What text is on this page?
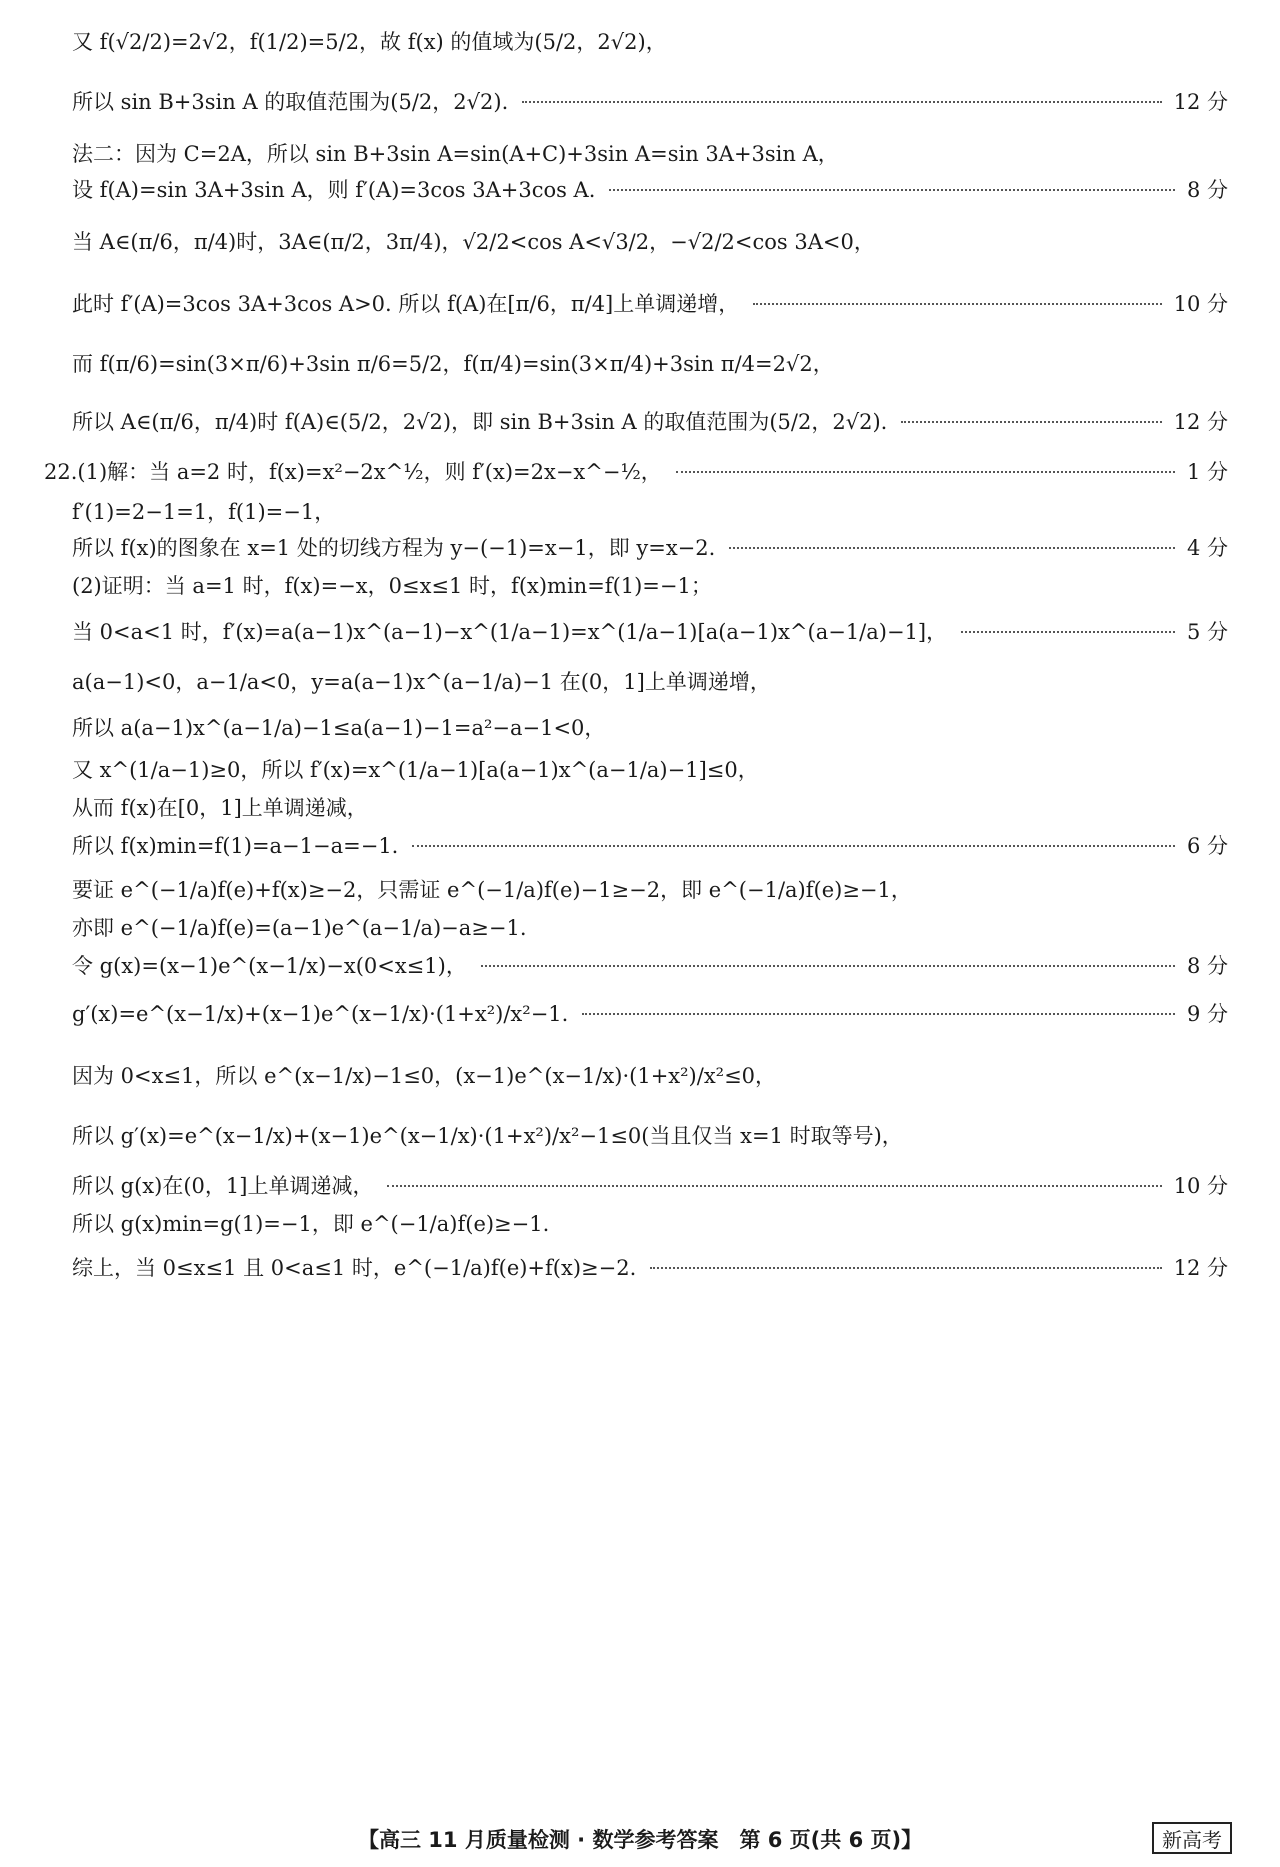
又 f(√2/2)=2√2，f(1/2)=5/2，故 f(x) 的值域为(5/2，2√2)，
所以 sin B+3sin A 的取值范围为(5/2，2√2).	12 分
法二：因为 C=2A，所以 sin B+3sin A=sin(A+C)+3sin A=sin 3A+3sin A，
设 f(A)=sin 3A+3sin A，则 f′(A)=3cos 3A+3cos A.	8 分
当 A∈(π/6，π/4)时，3A∈(π/2，3π/4)，√2/2<cos A<√3/2，−√2/2<cos 3A<0，
此时 f′(A)=3cos 3A+3cos A>0. 所以 f(A)在[π/6，π/4]上单调递增，	10 分
而 f(π/6)=sin(3×π/6)+3sin π/6=5/2，f(π/4)=sin(3×π/4)+3sin π/4=2√2，
所以 A∈(π/6，π/4)时 f(A)∈(5/2，2√2)，即 sin B+3sin A 的取值范围为(5/2，2√2).	12 分
22.(1)解：当 a=2 时，f(x)=x²−2x^½，则 f′(x)=2x−x^−½，	1 分
f′(1)=2−1=1，f(1)=−1，
所以 f(x)的图象在 x=1 处的切线方程为 y−(−1)=x−1，即 y=x−2.	4 分
(2)证明：当 a=1 时，f(x)=−x，0≤x≤1 时，f(x)min=f(1)=−1；
当 0<a<1 时，f′(x)=a(a−1)x^(a−1)−x^(1/a−1)=x^(1/a−1)[a(a−1)x^(a−1/a)−1]，	5 分
a(a−1)<0，a−1/a<0，y=a(a−1)x^(a−1/a)−1 在(0，1]上单调递增，
所以 a(a−1)x^(a−1/a)−1≤a(a−1)−1=a²−a−1<0，
又 x^(1/a−1)≥0，所以 f′(x)=x^(1/a−1)[a(a−1)x^(a−1/a)−1]≤0，
从而 f(x)在[0，1]上单调递减，
所以 f(x)min=f(1)=a−1−a=−1.	6 分
要证 e^(−1/a)f(e)+f(x)≥−2，只需证 e^(−1/a)f(e)−1≥−2，即 e^(−1/a)f(e)≥−1，
亦即 e^(−1/a)f(e)=(a−1)e^(a−1/a)−a≥−1.
令 g(x)=(x−1)e^(x−1/x)−x(0<x≤1)，	8 分
g′(x)=e^(x−1/x)+(x−1)e^(x−1/x)·(1+x²)/x²−1.	9 分
因为 0<x≤1，所以 e^(x−1/x)−1≤0，(x−1)e^(x−1/x)·(1+x²)/x²≤0，
所以 g′(x)=e^(x−1/x)+(x−1)e^(x−1/x)·(1+x²)/x²−1≤0(当且仅当 x=1 时取等号)，
所以 g(x)在(0，1]上单调递减，	10 分
所以 g(x)min=g(1)=−1，即 e^(−1/a)f(e)≥−1.
综上，当 0≤x≤1 且 0<a≤1 时，e^(−1/a)f(e)+f(x)≥−2.	12 分
【高三 11 月质量检测 · 数学参考答案　第 6 页(共 6 页)】	新高考
